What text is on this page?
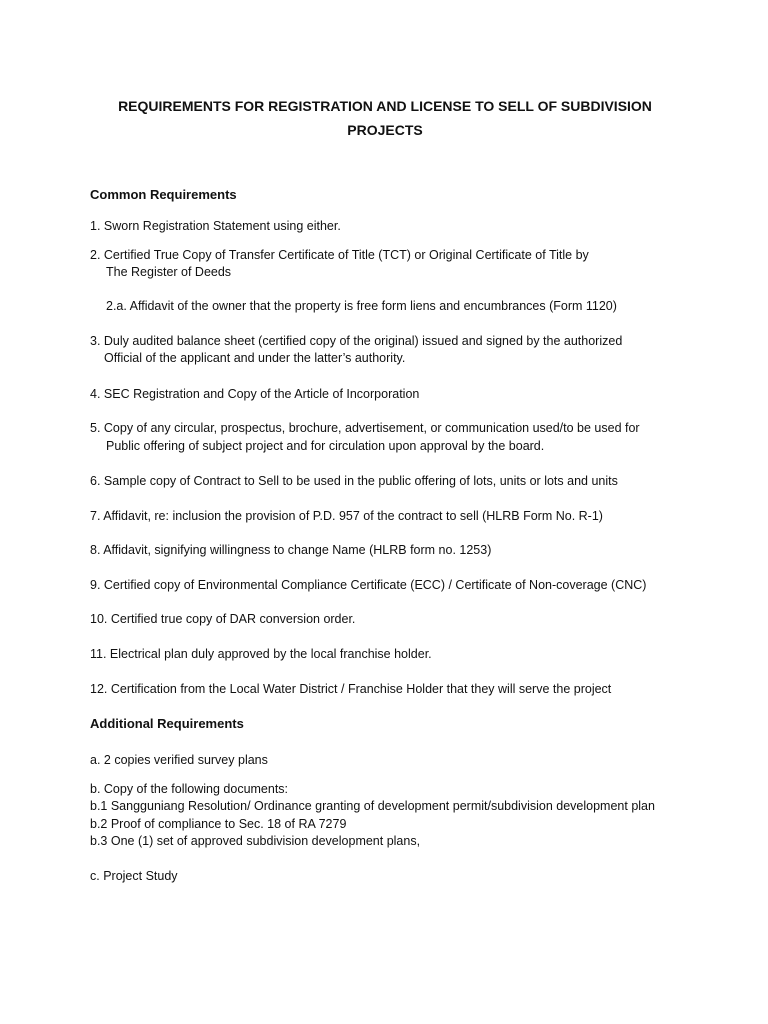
REQUIREMENTS FOR REGISTRATION AND LICENSE TO SELL OF SUBDIVISION
PROJECTS
Common Requirements
1. Sworn Registration Statement using either.
2. Certified True Copy of Transfer Certificate of Title (TCT) or Original Certificate of Title by
The Register of Deeds
2.a. Affidavit of the owner that the property is free form liens and encumbrances (Form 1120)
3. Duly audited balance sheet (certified copy of the original) issued and signed by the authorized
Official of the applicant and under the latter’s authority.
4. SEC Registration and Copy of the Article of Incorporation
5. Copy of any circular, prospectus, brochure, advertisement, or communication used/to be used for
Public offering of subject project and for circulation upon approval by the board.
6. Sample copy of Contract to Sell to be used in the public offering of lots, units or lots and units
7. Affidavit, re: inclusion the provision of P.D. 957 of the contract to sell (HLRB Form No. R-1)
8. Affidavit, signifying willingness to change Name (HLRB form no. 1253)
9. Certified copy of Environmental Compliance Certificate (ECC) / Certificate of Non-coverage (CNC)
10. Certified true copy of DAR conversion order.
11. Electrical plan duly approved by the local franchise holder.
12. Certification from the Local Water District / Franchise Holder that they will serve the project
Additional Requirements
a. 2 copies verified survey plans
b. Copy of the following documents:
b.1 Sangguniang Resolution/ Ordinance granting of development permit/subdivision development plan
b.2 Proof of compliance to Sec. 18 of RA 7279
b.3 One (1) set of approved subdivision development plans,
c. Project Study
